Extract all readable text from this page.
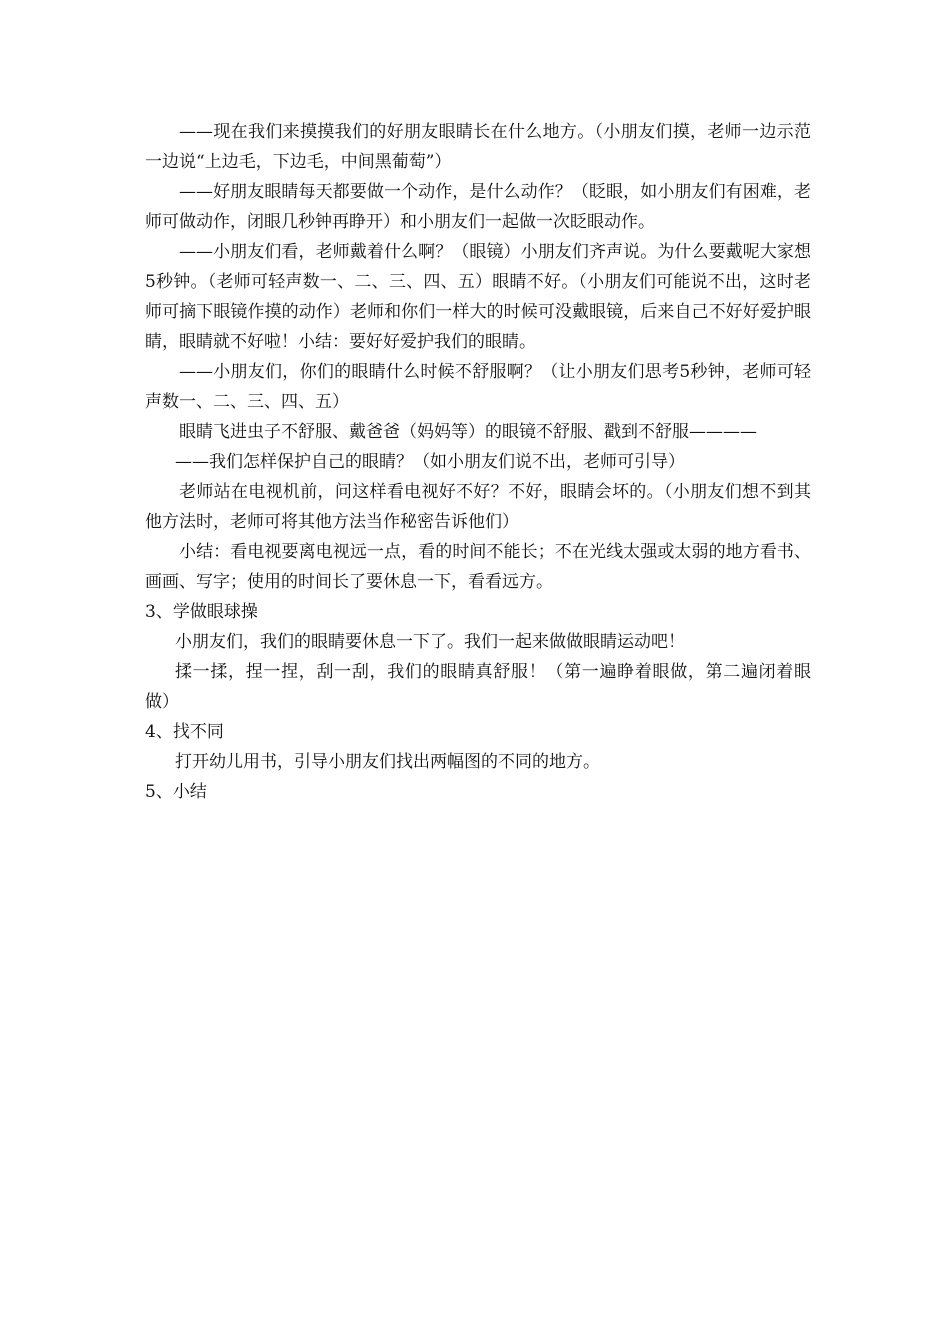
——现在我们来摸摸我们的好朋友眼睛长在什么地方。（小朋友们摸，老师一边示范一边说“上边毛，下边毛，中间黑葡萄”）

——好朋友眼睛每天都要做一个动作，是什么动作？（眨眼，如小朋友们有困难，老师可做动作，闭眼几秒钟再睁开）和小朋友们一起做一次眨眼动作。

——小朋友们看，老师戴着什么啊？（眼镜）小朋友们齐声说。为什么要戴呢大家想5秒钟。（老师可轻声数一、二、三、四、五）眼睛不好。（小朋友们可能说不出，这时老师可摘下眼镜作摸的动作）老师和你们一样大的时候可没戴眼镜，后来自己不好好爱护眼睛，眼睛就不好啦！小结：要好好爱护我们的眼睛。

——小朋友们，你们的眼睛什么时候不舒服啊？（让小朋友们思考5秒钟，老师可轻声数一、二、三、四、五）

眼睛飞进虫子不舒服、戴爸爸（妈妈等）的眼镜不舒服、戳到不舒服————

——我们怎样保护自己的眼睛？（如小朋友们说不出，老师可引导）

老师站在电视机前，问这样看电视好不好？不好，眼睛会坏的。（小朋友们想不到其他方法时，老师可将其他方法当作秘密告诉他们）

小结：看电视要离电视远一点，看的时间不能长；不在光线太强或太弱的地方看书、画画、写字；使用的时间长了要休息一下，看看远方。

3、学做眼球操

小朋友们，我们的眼睛要休息一下了。我们一起来做做眼睛运动吧！

揉一揉，捏一捏，刮一刮，我们的眼睛真舒服！（第一遍睁着眼做，第二遍闭着眼做）

4、找不同

打开幼儿用书，引导小朋友们找出两幅图的不同的地方。

5、小结
